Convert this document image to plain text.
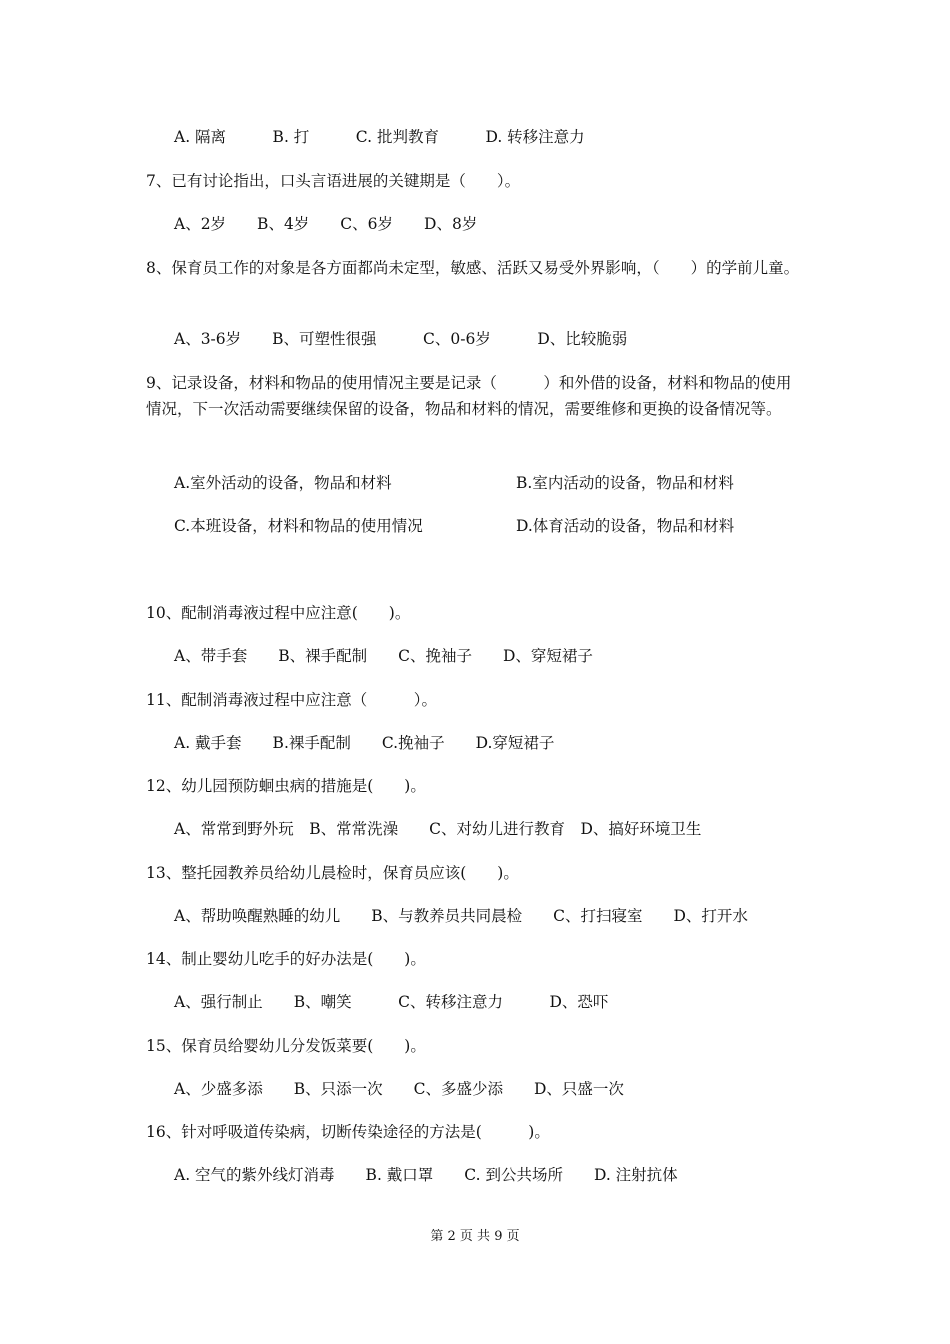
A. 隔离　　　B. 打　　　C. 批判教育　　　D. 转移注意力
7、已有讨论指出，口头言语进展的关键期是（　　）。
A、2岁　　B、4岁　　C、6岁　　D、8岁
8、保育员工作的对象是各方面都尚未定型，敏感、活跃又易受外界影响，（　　）的学前儿童。
A、3-6岁　　B、可塑性很强　　　C、0-6岁　　　D、比较脆弱
9、记录设备，材料和物品的使用情况主要是记录（　　　）和外借的设备，材料和物品的使用情况，下一次活动需要继续保留的设备，物品和材料的情况，需要维修和更换的设备情况等。
A.室外活动的设备，物品和材料	B.室内活动的设备，物品和材料
C.本班设备，材料和物品的使用情况	D.体育活动的设备，物品和材料
10、配制消毒液过程中应注意(　　)。
A、带手套　　B、裸手配制　　C、挽袖子　　D、穿短裙子
11、配制消毒液过程中应注意（　　　）。
A. 戴手套　　B.裸手配制　　C.挽袖子　　D.穿短裙子
12、幼儿园预防蛔虫病的措施是(　　)。
A、常常到野外玩　B、常常洗澡　　C、对幼儿进行教育　D、搞好环境卫生
13、整托园教养员给幼儿晨检时，保育员应该(　　)。
A、帮助唤醒熟睡的幼儿　　B、与教养员共同晨检　　C、打扫寝室　　D、打开水
14、制止婴幼儿吃手的好办法是(　　)。
A、强行制止　　B、嘲笑　　　C、转移注意力　　　D、恐吓
15、保育员给婴幼儿分发饭菜要(　　)。
A、少盛多添　　B、只添一次　　C、多盛少添　　D、只盛一次
16、针对呼吸道传染病，切断传染途径的方法是(　　　)。
A. 空气的紫外线灯消毒　　B. 戴口罩　　C. 到公共场所　　D. 注射抗体
第 2 页 共 9 页
